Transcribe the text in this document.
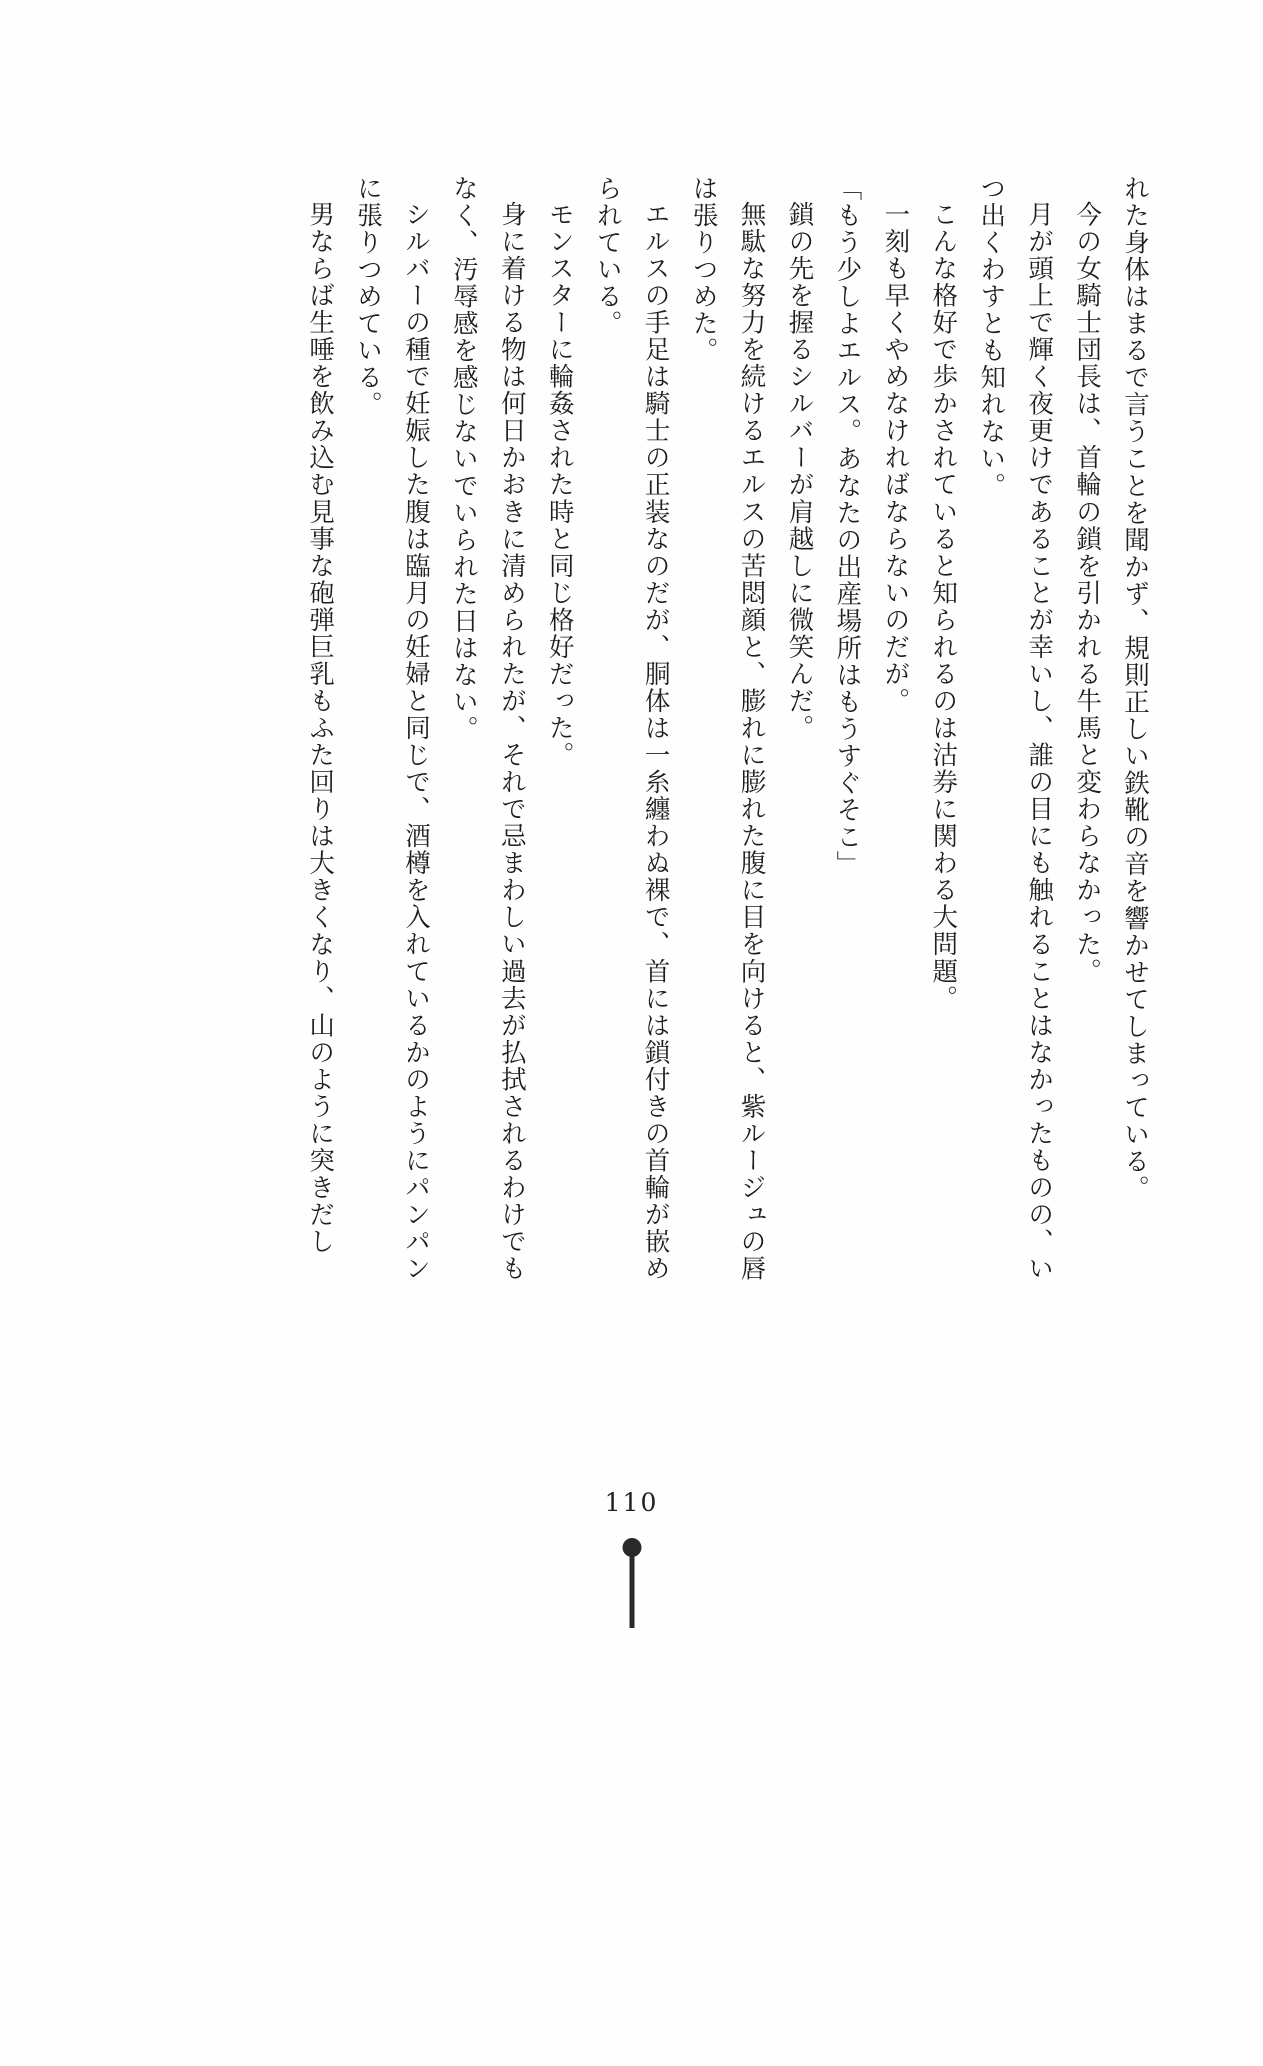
れた身体はまるで言うことを聞かず、規則正しい鉄靴の音を響かせてしまっている。

今の女騎士団長は、首輪の鎖を引かれる牛馬と変わらなかった。

月が頭上で輝く夜更けであることが幸いし、誰の目にも触れることはなかったものの、いつ出くわすとも知れない。

こんな格好で歩かされていると知られるのは沽券に関わる大問題。

一刻も早くやめなければならないのだが。

「もう少しよエルス。あなたの出産場所はもうすぐそこ」

鎖の先を握るシルバーが肩越しに微笑んだ。

無駄な努力を続けるエルスの苦悶顔と、膨れに膨れた腹に目を向けると、紫ルージュの唇は張りつめた。

エルスの手足は騎士の正装なのだが、胴体は一糸纏わぬ裸で、首には鎖付きの首輪が嵌められている。

モンスターに輪姦された時と同じ格好だった。

身に着ける物は何日かおきに清められたが、それで忌まわしい過去が払拭されるわけでもなく、汚辱感を感じないでいられた日はない。

シルバーの種で妊娠した腹は臨月の妊婦と同じで、酒樽を入れているかのようにパンパンに張りつめている。

男ならば生唾を飲み込む見事な砲弾巨乳もふた回りは大きくなり、山のように突きだし

110
